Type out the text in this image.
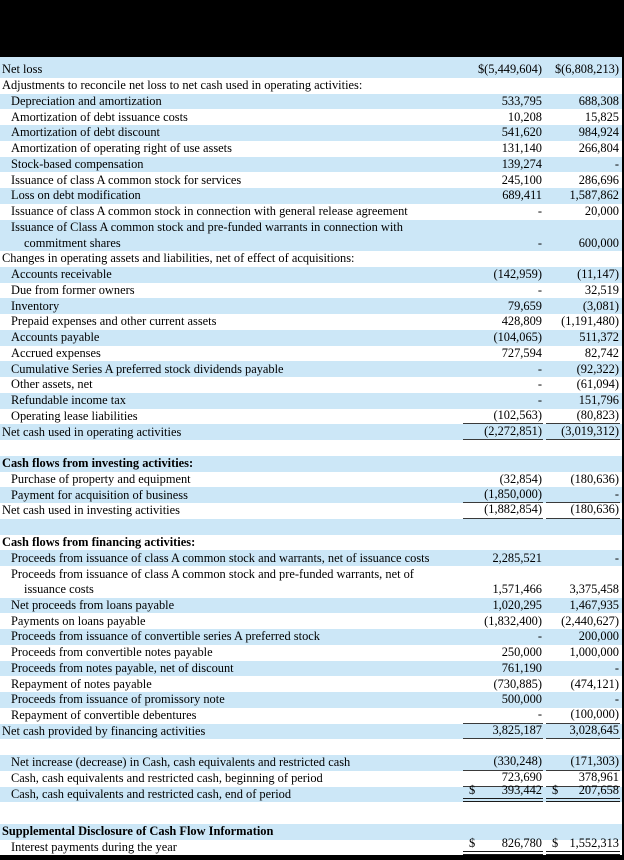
Net loss	$(5,449,604) $(6,808,213)
Adjustments to reconcile net loss to net cash used in operating activities:
Depreciation and amortization	533,795	688,308
Amortization of debt issuance costs	10,208	15,825
Amortization of debt discount	541,620	984,924
Amortization of operating right of use assets	131,140	266,804
Stock-based compensation	139,274	-
Issuance of class A common stock for services	245,100	286,696
Loss on debt modification	689,411 1,587,862
Issuance of class A common stock in connection with general release agreement	-	20,000
Issuance of Class A common stock and pre-funded warrants in connection with
commitment shares	-	600,000
Changes in operating assets and liabilities, net of effect of acquisitions:
Accounts receivable	(142,959)	(11,147)
Due from former owners	-	32,519
Inventory	79,659	(3,081)
Prepaid expenses and other current assets	428,809 (1,191,480)
Accounts payable	(104,065)	511,372
Accrued expenses	727,594	82,742
Cumulative Series A preferred stock dividends payable	-	(92,322)
Other assets, net	-	(61,094)
Refundable income tax	-	151,796
Operating lease liabilities	(102,563)	(80,823)
Net cash used in operating activities	(2,272,851) (3,019,312)
Cash flows from investing activities:
Purchase of property and equipment	(32,854) (180,636)
Payment for acquisition of business	(1,850,000)	-
Net cash used in investing activities	(1,882,854) (180,636)
Cash flows from financing activities:
Proceeds from issuance of class A common stock and warrants, net of issuance costs	2,285,521	-
Proceeds from issuance of class A common stock and pre-funded warrants, net of
issuance costs	1,571,466 3,375,458
Net proceeds from loans payable	1,020,295 1,467,935
Payments on loans payable	(1,832,400) (2,440,627)
Proceeds from issuance of convertible series A preferred stock	-	200,000
Proceeds from convertible notes payable	250,000 1,000,000
Proceeds from notes payable, net of discount	761,190	-
Repayment of notes payable	(730,885) (474,121)
Proceeds from issuance of promissory note	500,000	-
Repayment of convertible debentures	- (100,000)
Net cash provided by financing activities	3,825,187 3,028,645
Net increase (decrease) in Cash, cash equivalents and restricted cash	(330,248) (171,303)
Cash, cash equivalents and restricted cash, beginning of period	723,690	378,961
Cash, cash equivalents and restricted cash, end of period	$ 393,442 $ 207,658
Supplemental Disclosure of Cash Flow Information
Interest payments during the year	$ 826,780 $ 1,552,313
